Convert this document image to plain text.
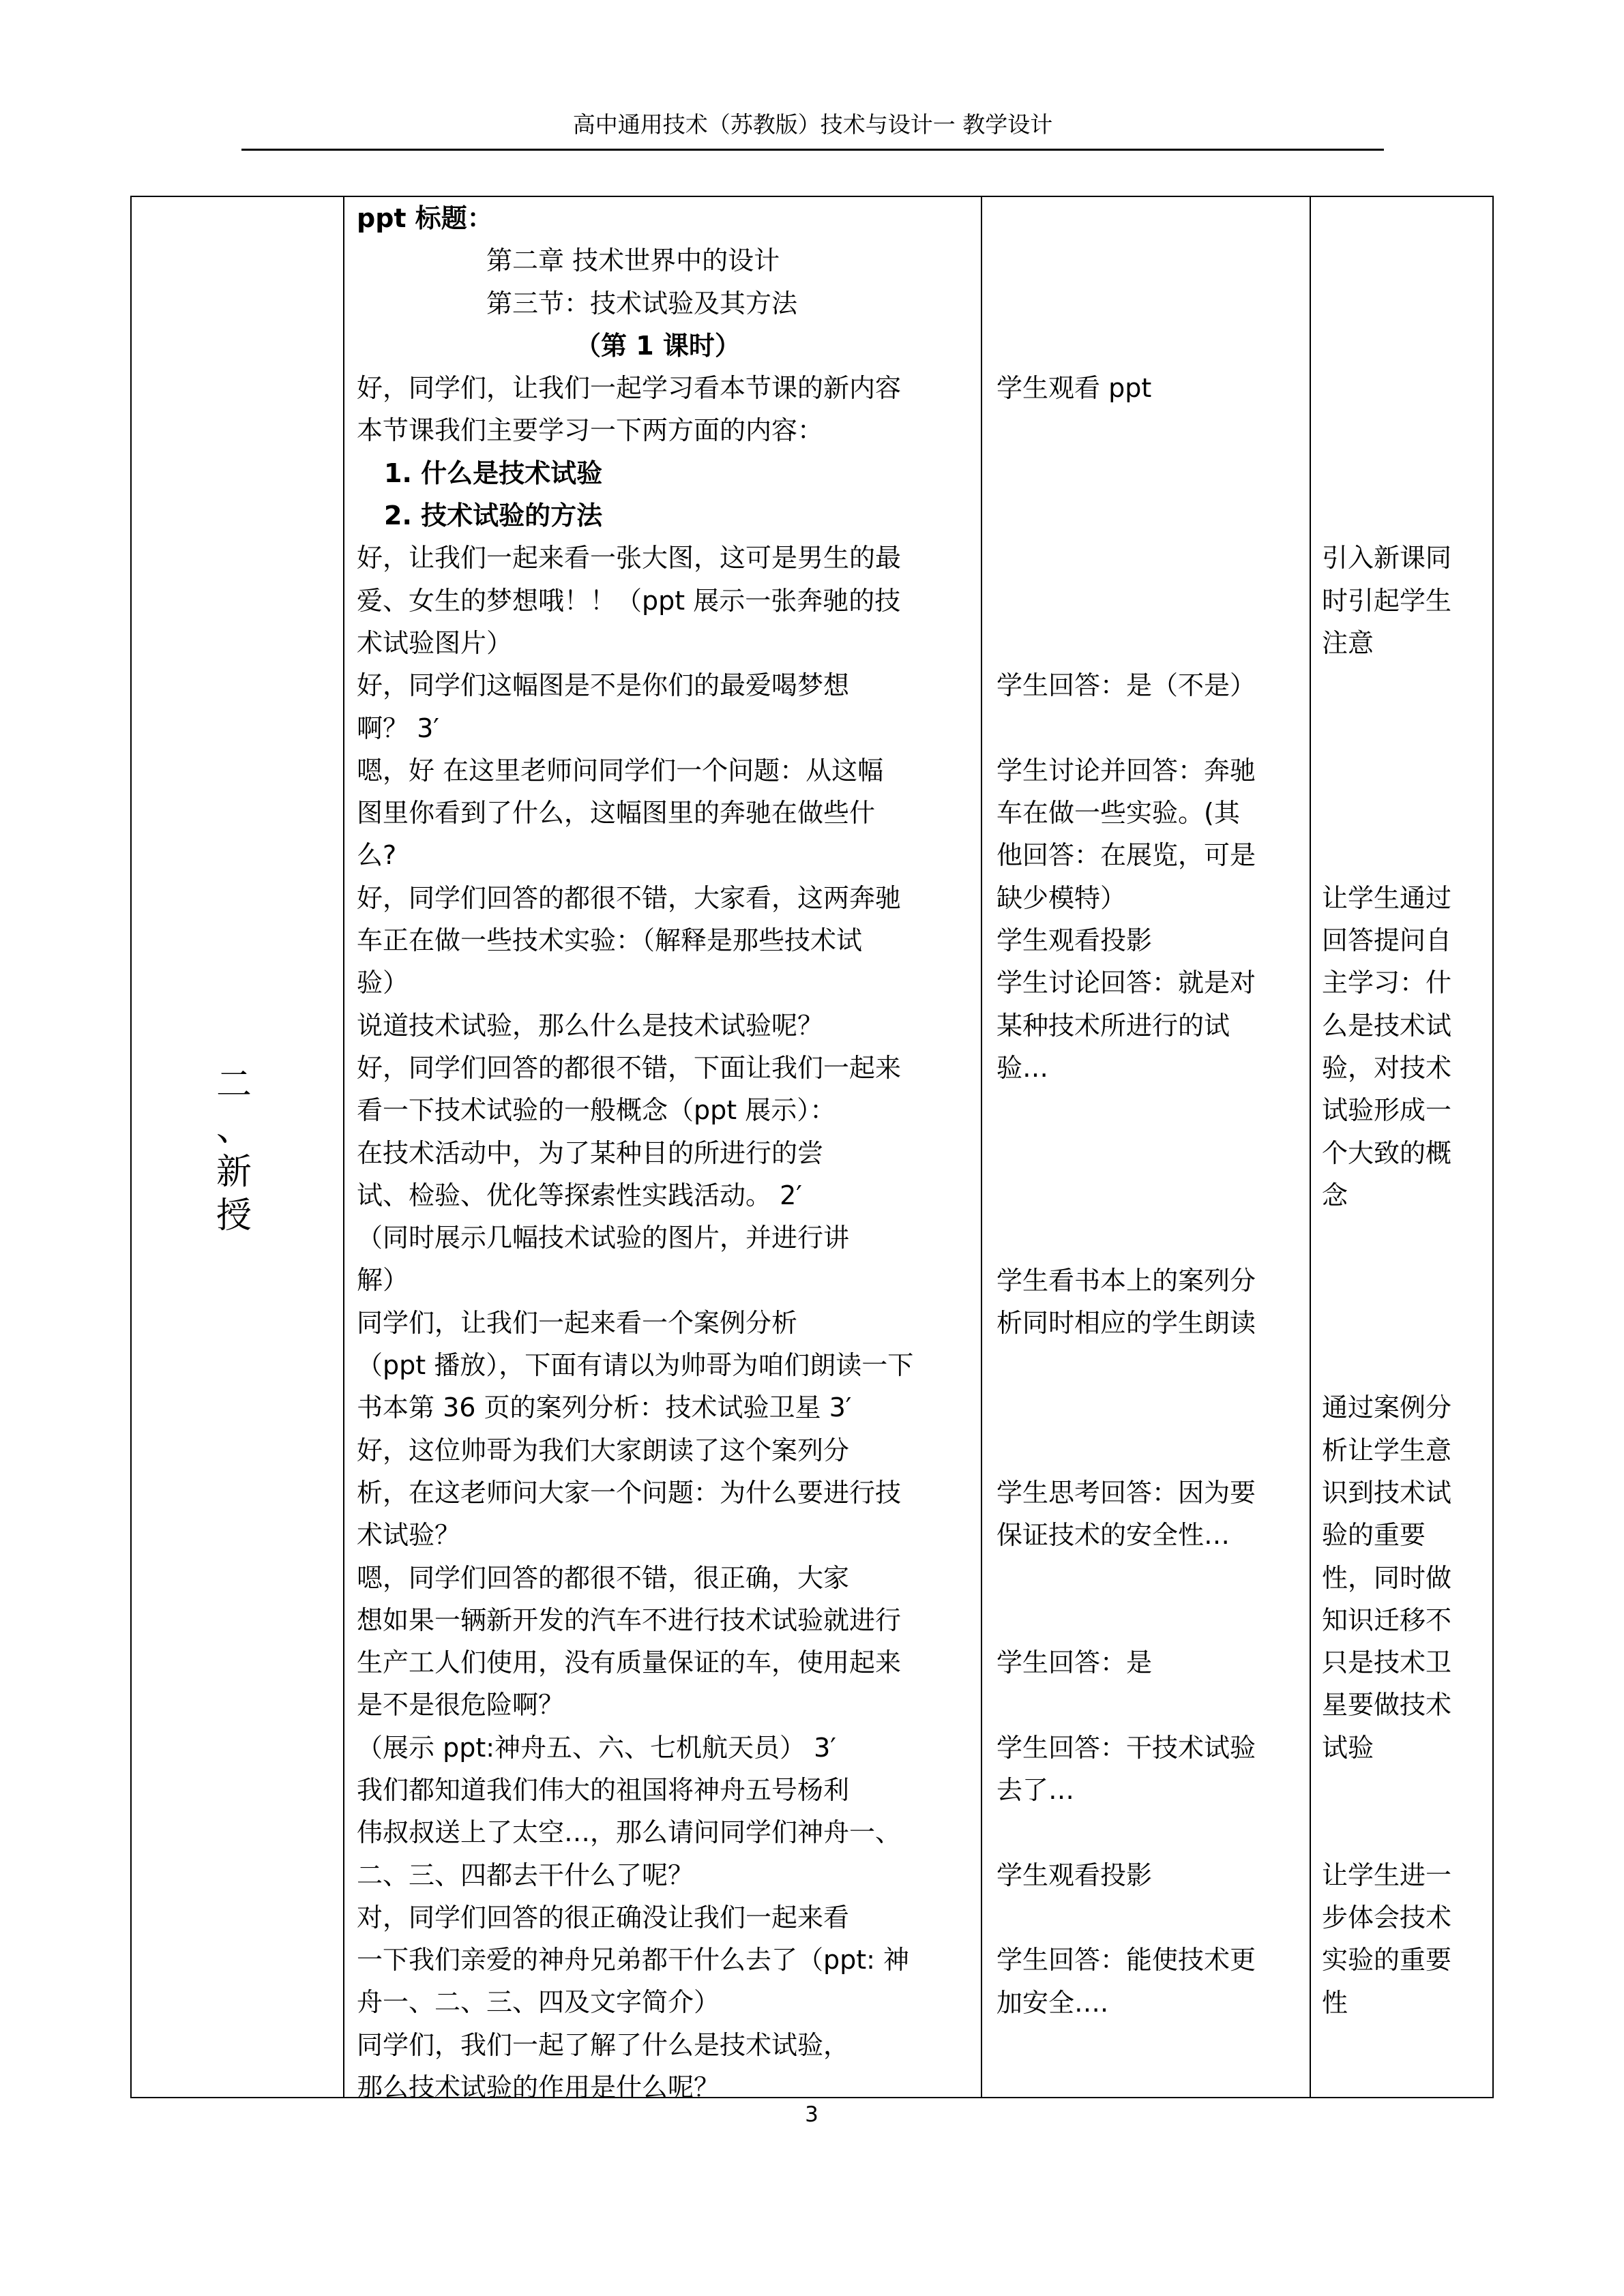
高中通用技术（苏教版）技术与设计一 教学设计
二
、
新
授
ppt 标题：
第二章 技术世界中的设计
第三节：技术试验及其方法
（第 1 课时）
好，同学们，让我们一起学习看本节课的新内容
本节课我们主要学习一下两方面的内容：
1. 什么是技术试验
2. 技术试验的方法
好，让我们一起来看一张大图，这可是男生的最
爱、女生的梦想哦！！（ppt 展示一张奔驰的技
术试验图片）
好，同学们这幅图是不是你们的最爱喝梦想
啊？ 3′
嗯，好 在这里老师问同学们一个问题：从这幅
图里你看到了什么，这幅图里的奔驰在做些什
么?
好，同学们回答的都很不错，大家看，这两奔驰
车正在做一些技术实验：（解释是那些技术试
验）
说道技术试验，那么什么是技术试验呢？
好，同学们回答的都很不错，下面让我们一起来
看一下技术试验的一般概念（ppt 展示）：
在技术活动中，为了某种目的所进行的尝
试、检验、优化等探索性实践活动。 2′
（同时展示几幅技术试验的图片，并进行讲
解）
同学们，让我们一起来看一个案例分析
（ppt 播放），下面有请以为帅哥为咱们朗读一下
书本第 36 页的案列分析：技术试验卫星 3′
好，这位帅哥为我们大家朗读了这个案列分
析，在这老师问大家一个问题：为什么要进行技
术试验？
嗯，同学们回答的都很不错，很正确，大家
想如果一辆新开发的汽车不进行技术试验就进行
生产工人们使用，没有质量保证的车，使用起来
是不是很危险啊？
（展示 ppt:神舟五、六、七机航天员） 3′
我们都知道我们伟大的祖国将神舟五号杨利
伟叔叔送上了太空…，那么请问同学们神舟一、
二、三、四都去干什么了呢？
对，同学们回答的很正确没让我们一起来看
一下我们亲爱的神舟兄弟都干什么去了（ppt: 神
舟一、二、三、四及文字简介）
同学们，我们一起了解了什么是技术试验，
那么技术试验的作用是什么呢？
学生观看 ppt
学生回答：是（不是）
学生讨论并回答：奔驰
车在做一些实验。(其
他回答：在展览，可是
缺少模特）
学生观看投影
学生讨论回答：就是对
某种技术所进行的试
验…
学生看书本上的案列分
析同时相应的学生朗读
学生思考回答：因为要
保证技术的安全性…
学生回答：是
学生回答：干技术试验
去了…
学生观看投影
学生回答：能使技术更
加安全….
引入新课同
时引起学生
注意
让学生通过
回答提问自
主学习：什
么是技术试
验，对技术
试验形成一
个大致的概
念
通过案例分
析让学生意
识到技术试
验的重要
性，同时做
知识迁移不
只是技术卫
星要做技术
试验
让学生进一
步体会技术
实验的重要
性
3
